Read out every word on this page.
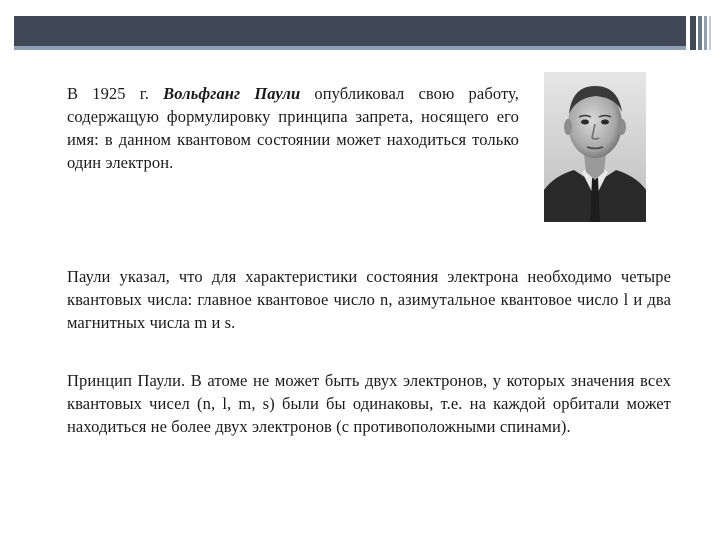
В 1925 г. Вольфганг Паули опубликовал свою работу, содержащую формулировку принципа запрета, носящего его имя: в данном квантовом состоянии может находиться только один электрон.
Паули указал, что для характеристики состояния электрона необходимо четыре квантовых числа: главное квантовое число n, азимутальное квантовое число l и два магнитных числа m и s.
Принцип Паули. В атоме не может быть двух электронов, у которых значения всех квантовых чисел (n, l, m, s) были бы одинаковы, т.е. на каждой орбитали может находиться не более двух электронов (с противоположными спинами).
